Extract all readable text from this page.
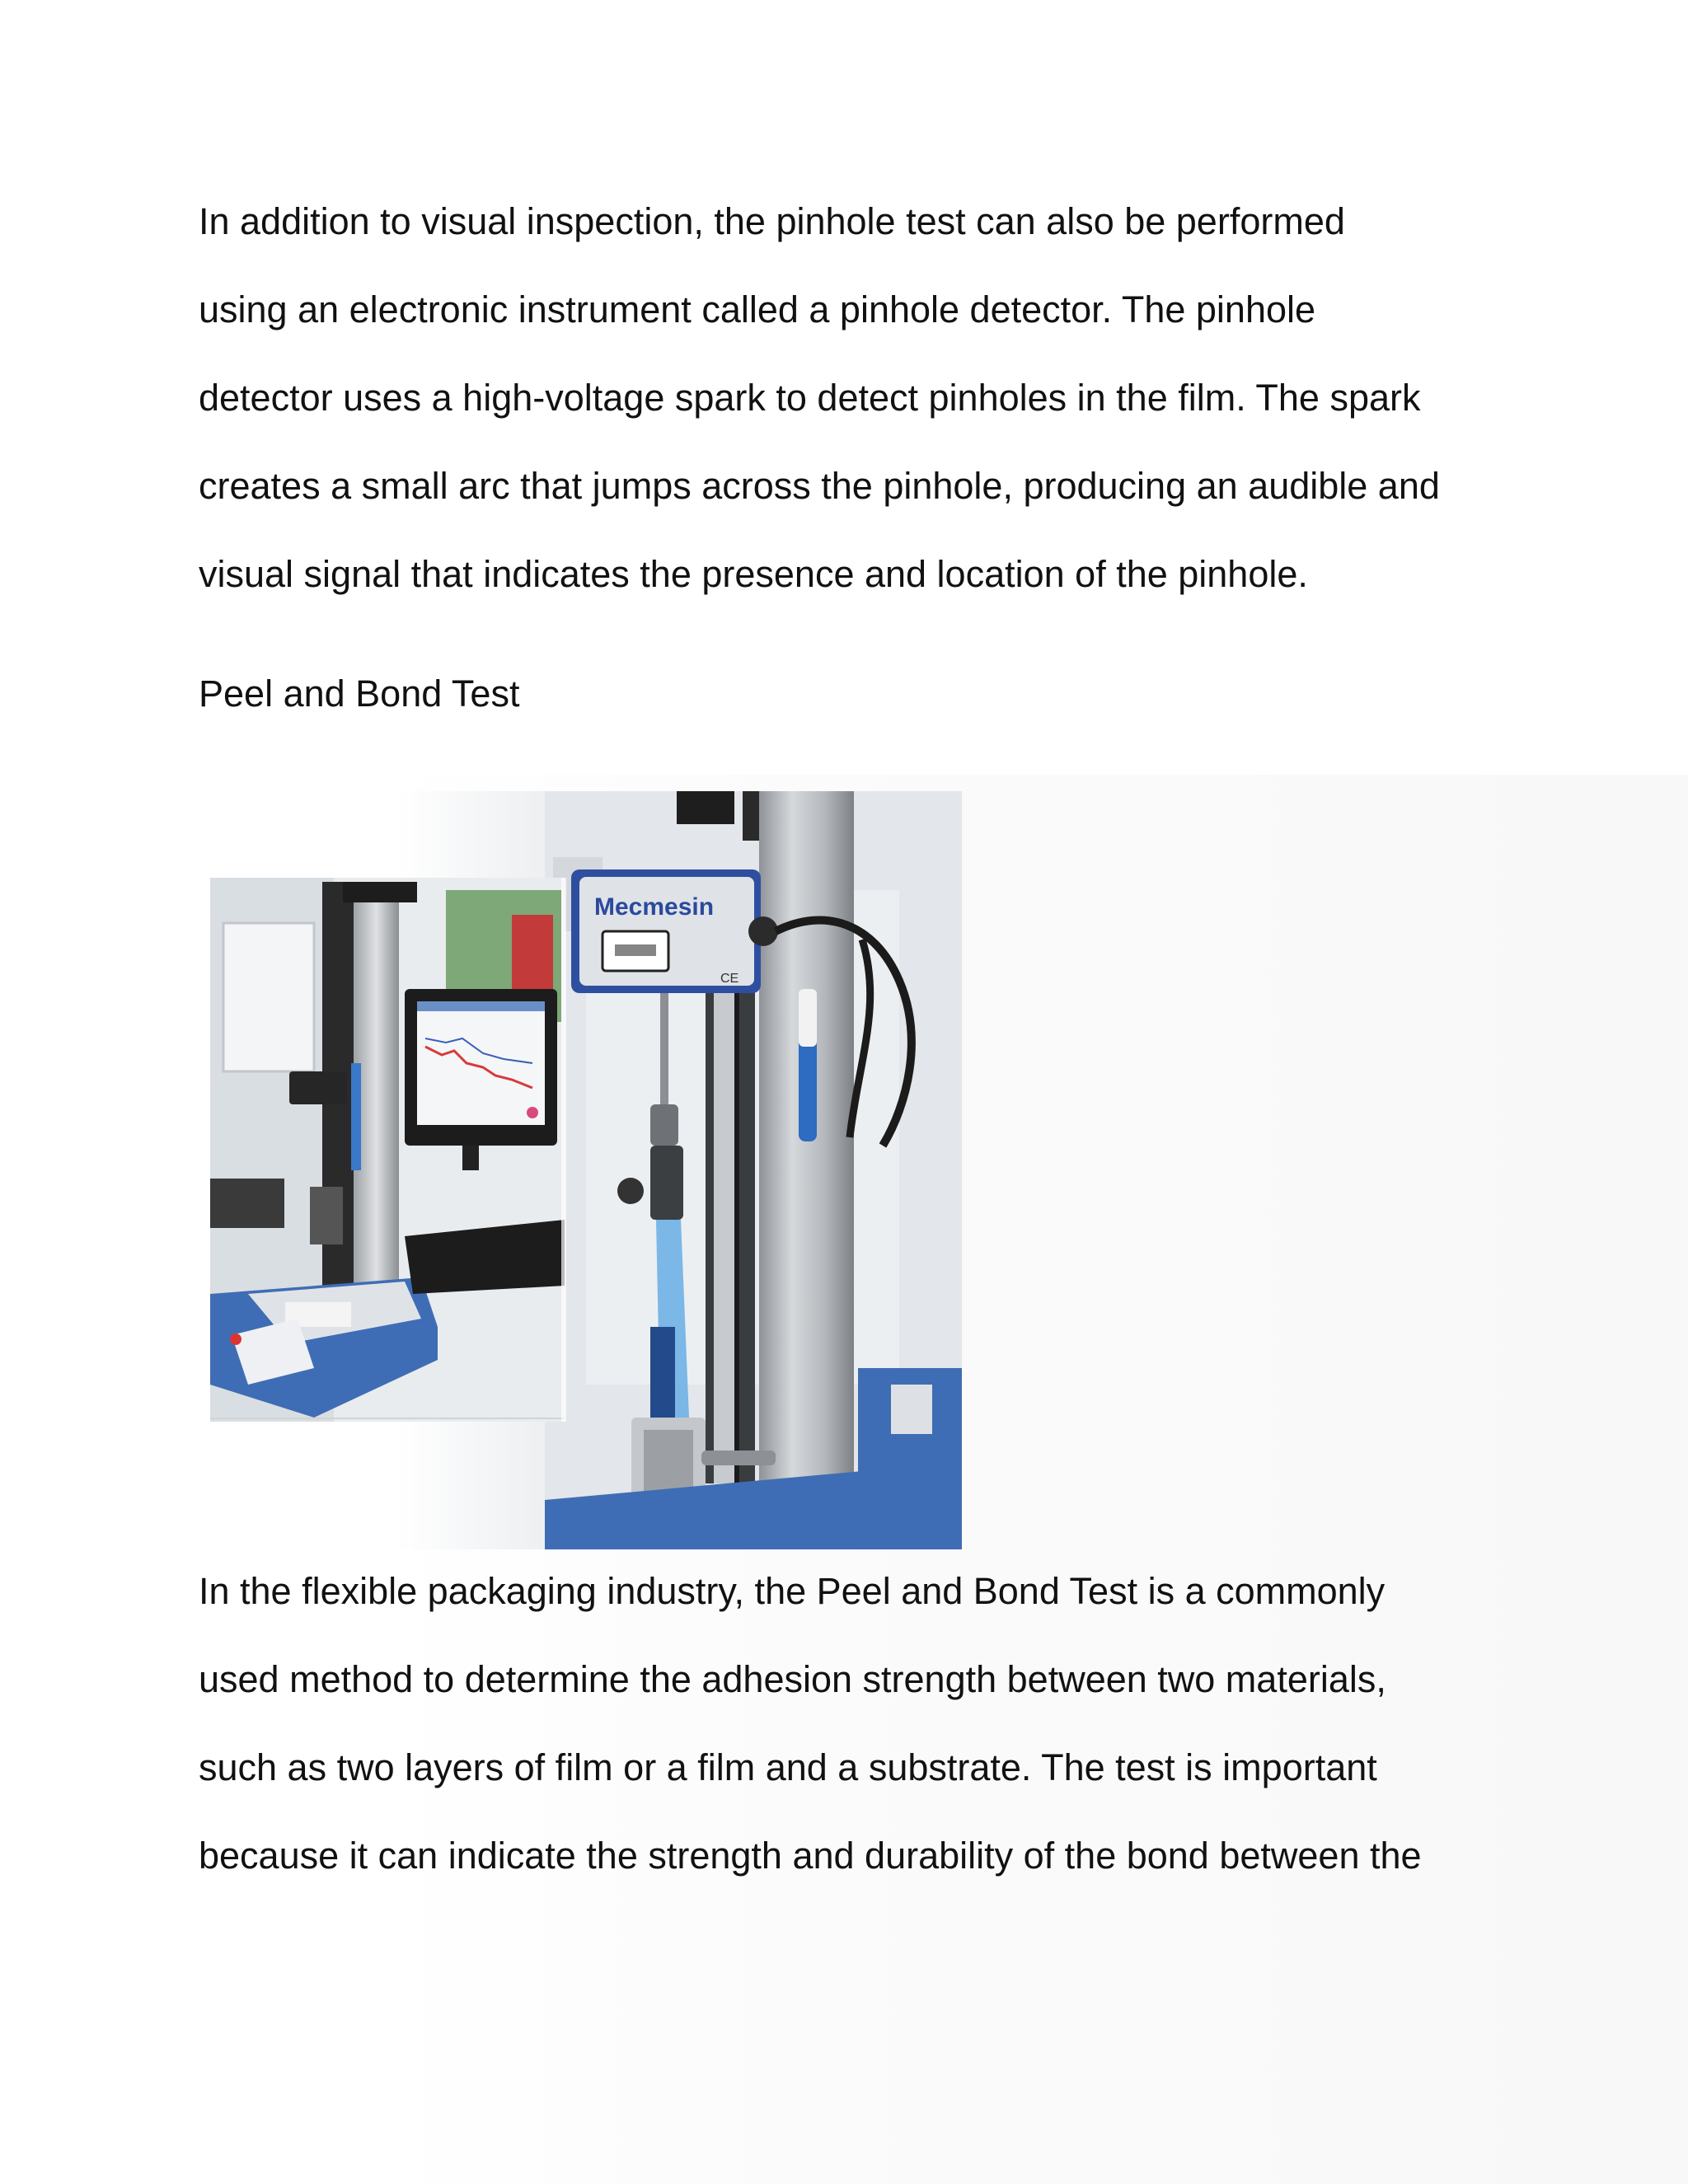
In addition to visual inspection, the pinhole test can also be performed
using an electronic instrument called a pinhole detector. The pinhole
detector uses a high-voltage spark to detect pinholes in the film. The spark
creates a small arc that jumps across the pinhole, producing an audible and
visual signal that indicates the presence and location of the pinhole.
Peel and Bond Test
Mecmesin
CE
In the flexible packaging industry, the Peel and Bond Test is a commonly
used method to determine the adhesion strength between two materials,
such as two layers of film or a film and a substrate. The test is important
because it can indicate the strength and durability of the bond between the
